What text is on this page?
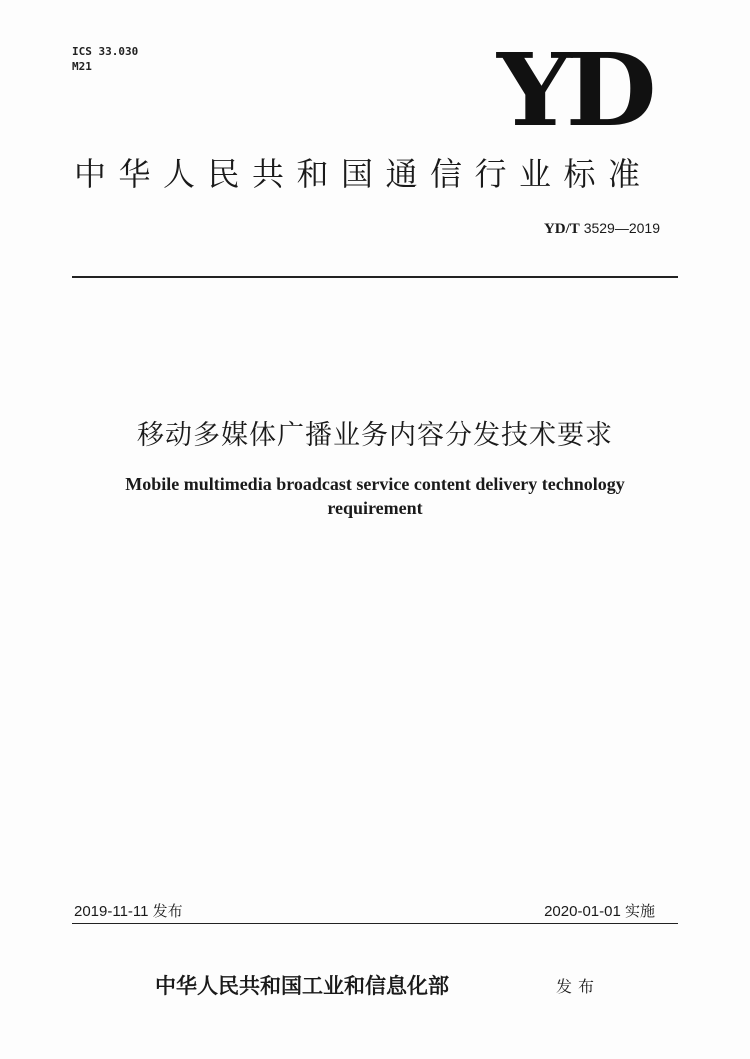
ICS 33.030
M21	YD
中华人民共和国通信行业标准
YD/T 3529—2019
移动多媒体广播业务内容分发技术要求
Mobile multimedia broadcast service content delivery technology requirement
2019-11-11 发布	2020-01-01 实施
中华人民共和国工业和信息化部	发布
